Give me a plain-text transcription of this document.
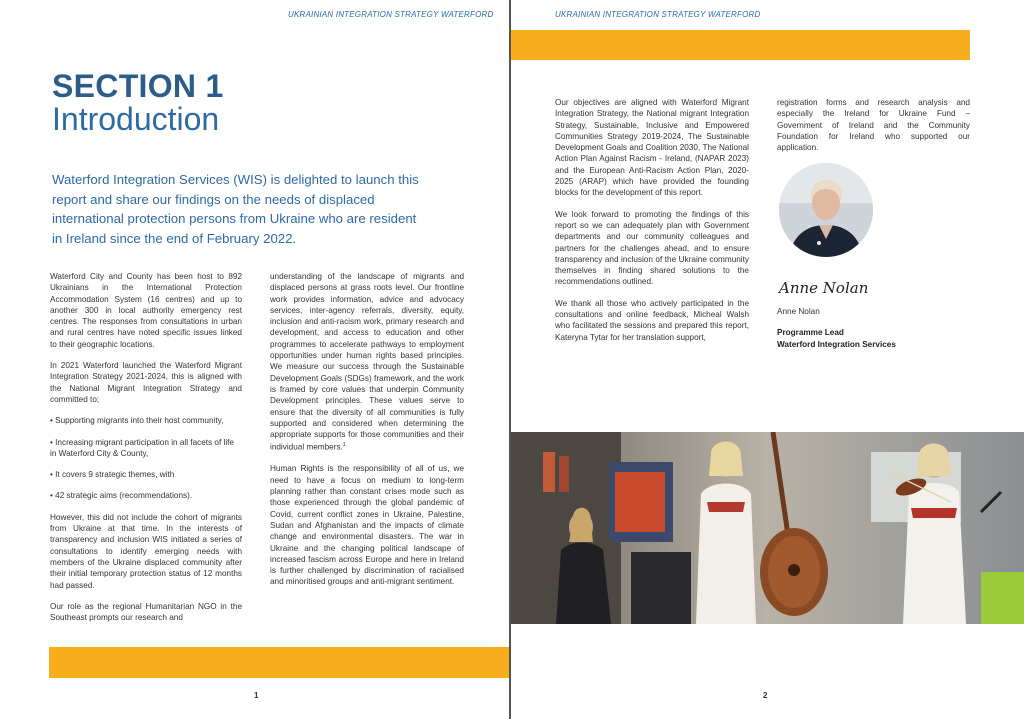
UKRAINIAN INTEGRATION STRATEGY WATERFORD
SECTION 1
Introduction
Waterford Integration Services (WIS) is delighted to launch this report and share our findings on the needs of displaced international protection persons from Ukraine who are resident in Ireland since the end of February 2022.

Waterford City and County has been host to 892 Ukrainians in the International Protection Accommodation System (16 centres) and up to another 300 in local authority emergency rest centres. The responses from consultations in urban and rural centres have noted specific issues linked to their geographic locations.

In 2021 Waterford launched the Waterford Migrant Integration Strategy 2021-2024, this is aligned with the National Migrant Integration Strategy and committed to;

• Supporting migrants into their host community,

• Increasing migrant participation in all facets of life in Waterford City & County,

• It covers 9 strategic themes, with

• 42 strategic aims (recommendations).

However, this did not include the cohort of migrants from Ukraine at that time. In the interests of transparency and inclusion WIS initiated a series of consultations to identify emerging needs with members of the Ukraine displaced community after their initial temporary protection status of 12 months had passed.

Our role as the regional Humanitarian NGO in the Southeast prompts our research and

understanding of the landscape of migrants and displaced persons at grass roots level. Our frontline work provides information, advice and advocacy services, inter-agency referrals, diversity, equity, inclusion and anti-racism work, primary research and development, and access to education and other programmes to accelerate pathways to employment opportunities under human rights based principles. We measure our success through the Sustainable Development Goals (SDGs) framework, and the work is framed by core values that underpin Community Development principles. These values serve to ensure that the diversity of all communities is fully supported and considered when determining the appropriate supports for those communities and their individual members.$^1$

Human Rights is the responsibility of all of us, we need to have a focus on medium to long-term planning rather than constant crises mode such as those experienced through the global pandemic of Covid, current conflict zones in Ukraine, Palestine, Sudan and Afghanistan and the impacts of climate change and environmental disasters. The war in Ukraine and the changing political landscape of increased fascism across Europe and here in Ireland is further challenged by discrimination of racialised and minoritised groups and anti-migrant sentiment.

1
UKRAINIAN INTEGRATION STRATEGY WATERFORD

Our objectives are aligned with Waterford Migrant Integration Strategy, the National migrant Integration Strategy, Sustainable, Inclusive and Empowered Communities Strategy 2019-2024, The Sustainable Development Goals and Coalition 2030, The National Action Plan Against Racism - Ireland, (NAPAR 2023) and the European Anti-Racism Action Plan, 2020-2025 (ARAP) which have provided the founding blocks for the development of this report.

We look forward to promoting the findings of this report so we can adequately plan with Government departments and our community colleagues and partners for the challenges ahead, and to ensure transparency and inclusion of the Ukraine community themselves in finding shared solutions to the recommendations outlined.

We thank all those who actively participated in the consultations and online feedback, Micheal Walsh who facilitated the sessions and prepared this report, Kateryna Tytar for her translation support,

registration forms and research analysis and especially the Ireland for Ukraine Fund – Government of Ireland and the Community Foundation for Ireland who supported our application.

Anne Nolan
Anne Nolan
Programme Lead
Waterford Integration Services
2
